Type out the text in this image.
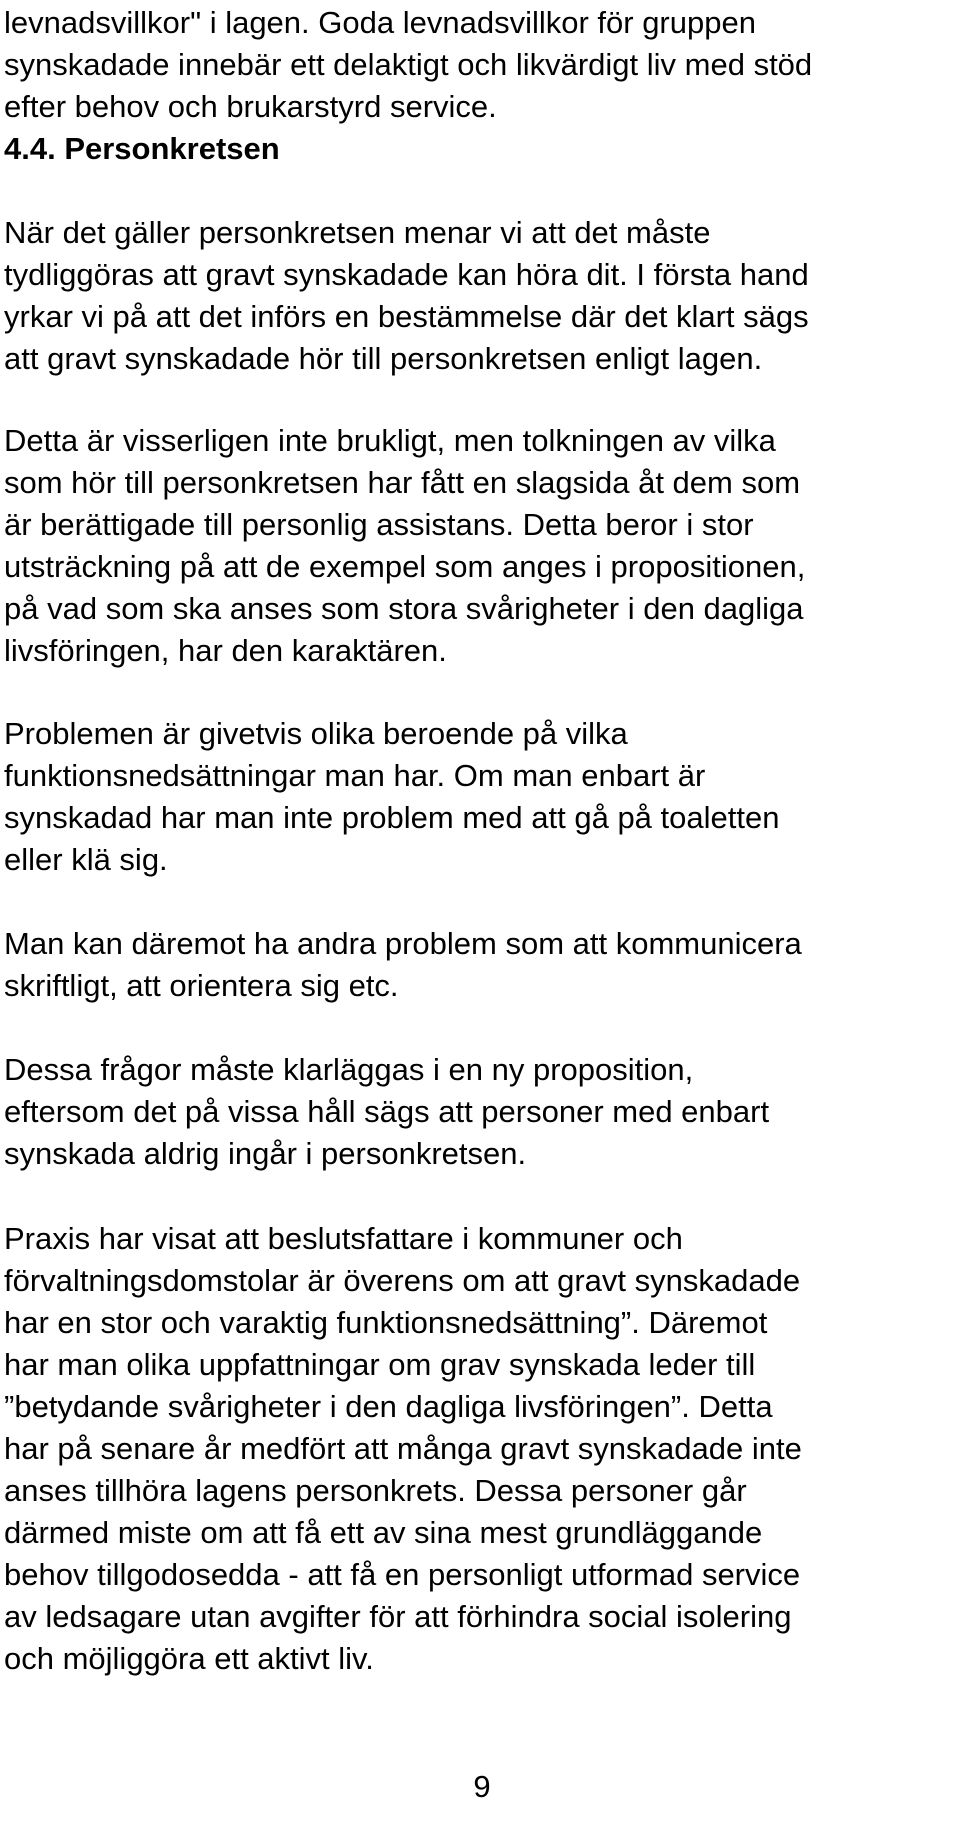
levnadsvillkor" i lagen. Goda levnadsvillkor för gruppen
synskadade innebär ett delaktigt och likvärdigt liv med stöd
efter behov och brukarstyrd service.
4.4. Personkretsen
När det gäller personkretsen menar vi att det måste
tydliggöras att gravt synskadade kan höra dit. I första hand
yrkar vi på att det införs en bestämmelse där det klart sägs
att gravt synskadade hör till personkretsen enligt lagen.
Detta är visserligen inte brukligt, men tolkningen av vilka
som hör till personkretsen har fått en slagsida åt dem som
är berättigade till personlig assistans. Detta beror i stor
utsträckning på att de exempel som anges i propositionen,
på vad som ska anses som stora svårigheter i den dagliga
livsföringen, har den karaktären.
Problemen är givetvis olika beroende på vilka
funktionsnedsättningar man har. Om man enbart är
synskadad har man inte problem med att gå på toaletten
eller klä sig.
Man kan däremot ha andra problem som att kommunicera
skriftligt, att orientera sig etc.
Dessa frågor måste klarläggas i en ny proposition,
eftersom det på vissa håll sägs att personer med enbart
synskada aldrig ingår i personkretsen.
Praxis har visat att beslutsfattare i kommuner och
förvaltningsdomstolar är överens om att gravt synskadade
har en stor och varaktig funktionsnedsättning”. Däremot
har man olika uppfattningar om grav synskada leder till
”betydande svårigheter i den dagliga livsföringen”. Detta
har på senare år medfört att många gravt synskadade inte
anses tillhöra lagens personkrets. Dessa personer går
därmed miste om att få ett av sina mest grundläggande
behov tillgodosedda - att få en personligt utformad service
av ledsagare utan avgifter för att förhindra social isolering
och möjliggöra ett aktivt liv.
9
